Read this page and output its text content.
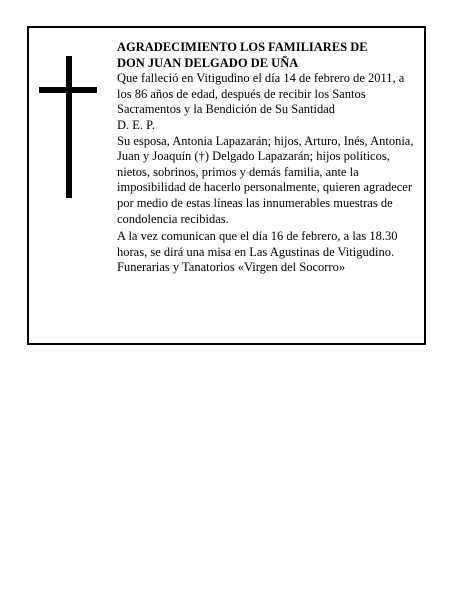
AGRADECIMIENTO LOS FAMILIARES DE
DON JUAN DELGADO DE UÑA

Que falleció en Vitigudino el día 14 de febrero de 2011, a los 86 años de edad, después de recibir los Santos Sacramentos y la Bendición de Su Santidad

D. E. P.

Su esposa, Antonia Lapazarán; hijos, Arturo, Inés, Antonia, Juan y Joaquín (†) Delgado Lapazarán; hijos políticos, nietos, sobrinos, primos y demás familia, ante la imposibilidad de hacerlo personalmente, quieren agradecer por medio de estas líneas las innumerables muestras de condolencia recibidas.

A la vez comunican que el día 16 de febrero, a las 18.30 horas, se dirá una misa en Las Agustinas de Vitigudino.

Funerarias y Tanatorios «Virgen del Socorro»
